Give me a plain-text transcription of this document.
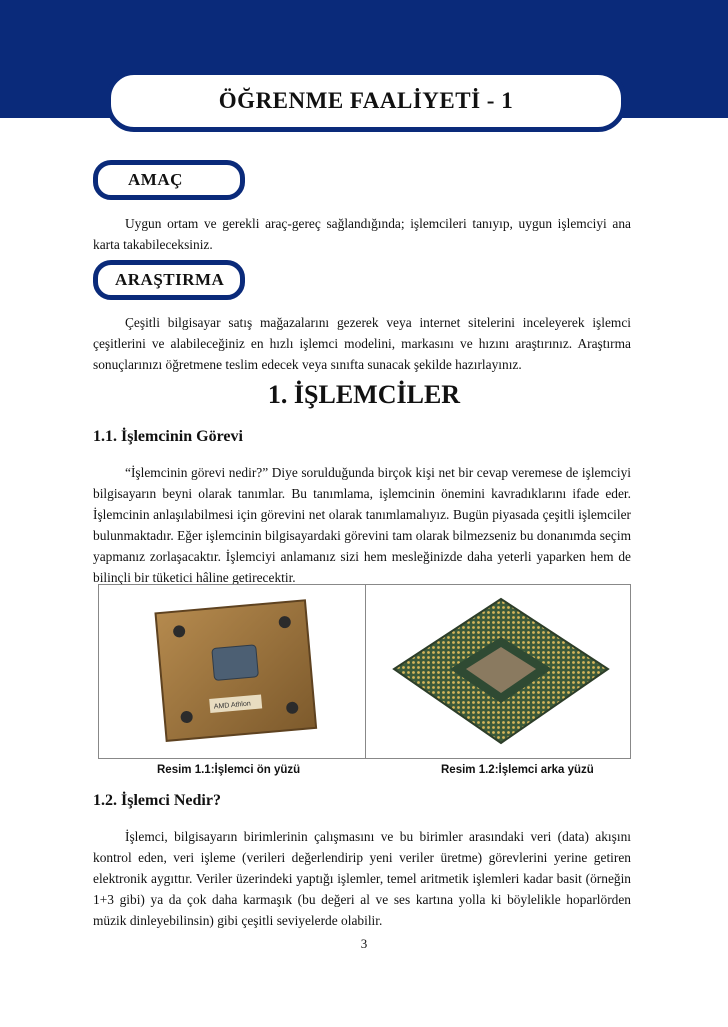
ÖĞRENME FAALİYETİ - 1
AMAÇ

Uygun ortam ve gerekli araç-gereç sağlandığında; işlemcileri tanıyıp, uygun işlemciyi ana karta takabileceksiniz.

ARAŞTIRMA

Çeşitli bilgisayar satış mağazalarını gezerek veya internet sitelerini inceleyerek işlemci çeşitlerini ve alabileceğiniz en hızlı işlemci modelini, markasını ve hızını araştırınız. Araştırma sonuçlarınızı öğretmene teslim edecek veya sınıfta sunacak şekilde hazırlayınız.

1. İŞLEMCİLER
1.1. İşlemcinin Görevi

“İşlemcinin görevi nedir?” Diye sorulduğunda birçok kişi net bir cevap veremese de işlemciyi bilgisayarın beyni olarak tanımlar. Bu tanımlama, işlemcinin önemini kavradıklarını ifade eder. İşlemcinin anlaşılabilmesi için görevini net olarak tanımlamalıyız. Bugün piyasada çeşitli işlemciler bulunmaktadır. Eğer işlemcinin bilgisayardaki görevini tam olarak bilmezseniz bu donanımda seçim yapmanız zorlaşacaktır. İşlemciyi anlamanız sizi hem mesleğinizde daha yeterli yaparken hem de bilinçli bir tüketici hâline getirecektir.

AMD Athlon
Resim 1.1:İşlemci ön yüzü	Resim 1.2:İşlemci arka yüzü
1.2. İşlemci Nedir?

İşlemci, bilgisayarın birimlerinin çalışmasını ve bu birimler arasındaki veri (data) akışını kontrol eden, veri işleme (verileri değerlendirip yeni veriler üretme) görevlerini yerine getiren elektronik aygıttır. Veriler üzerindeki yaptığı işlemler, temel aritmetik işlemleri kadar basit (örneğin 1+3 gibi) ya da çok daha karmaşık (bu değeri al ve ses kartına yolla ki böylelikle hoparlörden müzik dinleyebilinsin) gibi çeşitli seviyelerde olabilir.

3
